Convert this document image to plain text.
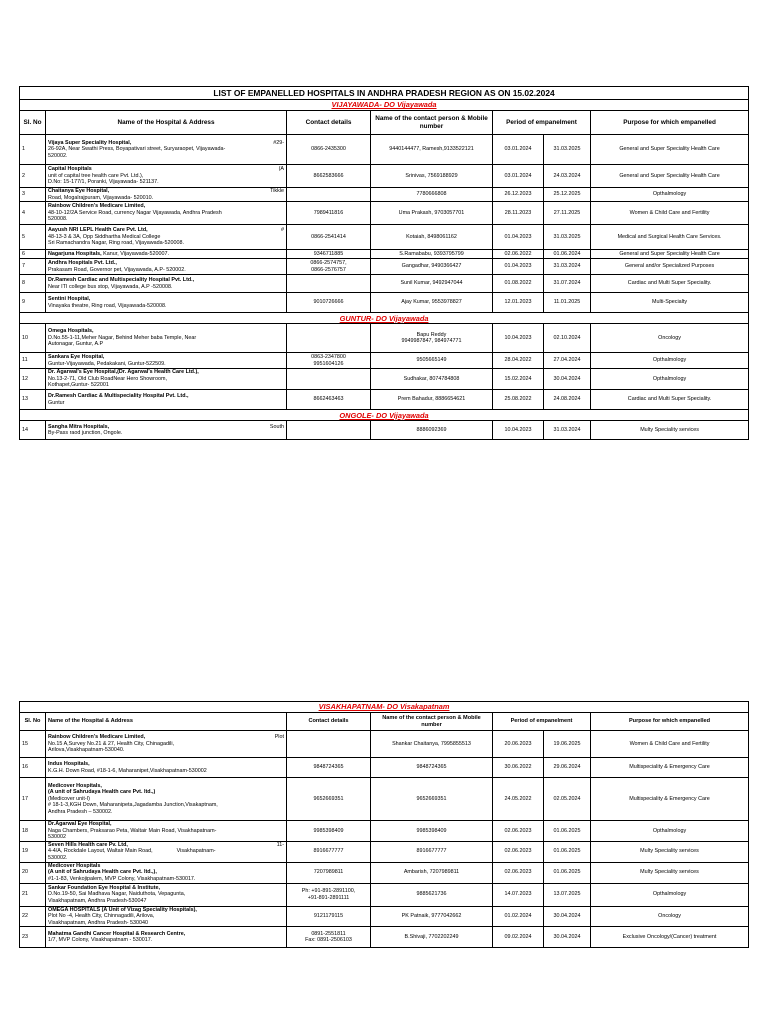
LIST OF EMPANELLED HOSPITALS IN ANDHRA PRADESH REGION AS ON 15.02.2024						
VIJAYAWADA- DO Vijayawada						
Sl. No	Name of the Hospital & Address	Contact details	Name of the contact person & Mobile number	Period of empanelment		Purpose for which empanelled
1	Vijaya Super Speciality Hospital, #29-
26-92A, Near Swathi Press, Boyapativari street, Suryaraopet, Vijayawada-
520002.	0866-2435300	9440144477, Ramesh,9133522121	03.01.2024	31.03.2025	General and Super Speciality Health Care
2	Capital Hospitals (A
unit of capital tree health care Pvt. Ltd.),
D.No: 15-177/1, Poranki, Vijayawada- 521137.	8662583666	Srinivas, 7569188929	03.01.2024	24.03.2024	General and Super Speciality Health Care
3	Chaitanya Eye Hospital, Tikkle
Road, Mogalrajpuram, Vijayawada- 520010.		7780666808	26.12.2023	25.12.2025	Opthalmology
4	Rainbow Children's Medicare Limited,
48-10-12/2A Service Road, currency Nagar Vijayawada, Andhra Pradesh
520008.	7989411816	Uma Prakash, 9703057701	28.11.2023	27.11.2025	Women & Child Care and Fertility
5	Aayush NRI LEPL Health Care Pvt. Ltd, #
48-13-3 & 3A, Opp Siddhartha Medical College
Sri Ramachandra Nagar, Ring road, Vijayawada-520008.	0866-2541414	Kotaiah, 8498061162	01.04.2023	31.03.2025	Medical and Surgical Health Care Services.
6	Nagarjuna Hospitals, Kanur, Vijayawada-520007.	9346711885	S.Ramababu, 9393795799	02.06.2022	01.06.2024	General and Super Speciality Health Care
7	Andhra Hospitals Pvt. Ltd.,
Prakasam Road, Governor pet, Vijayawada, A.P- 520002.	0866-2574757,
0866-2576757	Gangadhar, 9490366427	01.04.2023	31.03.2024	General and/or Specialized Purposes
8	Dr.Ramesh Cardiac and Multispeciality Hospital Pvt. Ltd.,
Near ITI college bus stop, Vijayawada, A.P -520008.		Sunil Kumar, 9492947044	01.08.2022	31.07.2024	Cardiac and Multi Super Speciality.
9	Sentini Hospital,
Vinayaka theatre, Ring road, Vijayawada-520008.	9010726666	Ajay Kumar, 9553978827	12.01.2023	11.01.2025	Multi-Specialty
GUNTUR- DO Vijayawada						
10	Omega Hospitals,
D.No.55-1-11,Meher Nagar, Behind Meher baba Temple, Near
Autonagar, Guntur, A.P		Bapu Reddy
9949987847, 984974771	10.04.2023	02.10.2024	Oncology
11	Sankara Eye Hospital,
Guntur-Vijayawada, Pedakakani, Guntur-522509.	0863-2347800
9951604126	9505665149	28.04.2022	27.04.2024	Opthalmology
12	Dr. Agarwal's Eye Hospital,(Dr. Agarwal's Health Care Ltd.),
No.13-2-71, Old Club RoadNear Hero Showroom,
Kothapet,Guntur- 522001		Sudhakar, 8074784808	15.02.2024	30.04.2024	Opthalmology
13	Dr.Ramesh Cardiac & Multispeciality Hospital Pvt. Ltd.,
Guntur	8662463463	Prem Bahadur, 8886654621	25.08.2022	24.08.2024	Cardiac and Multi Super Speciality.
ONGOLE- DO Vijayawada						
14	Sangha Mitra Hospitals, South
By-Pass raod junction, Ongole.		8886092369	10.04.2023	31.03.2024	Multy Speciality services
VISAKHAPATNAM- DO Visakapatnam						
Sl. No	Name of the Hospital & Address	Contact details	Name of the contact person & Mobile number	Period of empanelment		Purpose for which empanelled
15	Rainbow Children's Medicare Limited, Plot
No.15 A,Survey No.21 & 27, Health City, Chinagadili,
Arilova,Visakhapatnam-530040.		Shankar Chaitanya, 7995855513	20.06.2023	19.06.2025	Women & Child Care and Fertility
16	Indus Hospitals,
K.G.H. Down Road, #18-1-6, Maharanipet,Visakhapatnam-530002	9848724365	9848724365	30.06.2022	29.06.2024	Multispeciality & Emergency Care
17	Medicover Hospitals,
(A unit of Sahrudaya Health care Pvt. ltd.,)
(Medicover unit-I)
# 18-1-3,KGH Down, Maharanipeta,Jagadamba Junction,Visakaptnam,
Andhra Pradesh – 530002.	9652669351	9652669351	24.05.2022	02.05.2024	Multispeciality & Emergency Care
18	Dr.Agarwal Eye Hospital,
Naga Chambers, Praksarao Peta, Waltair Main Road, Visakhapatnam-
530002	9985398409	9985398409	02.06.2023	01.06.2025	Opthalmology
19	Seven Hills Health care Pv. Ltd, 11-
4-4/A, Rockdale Layout, Waltair Main Road,                Visakhapatnam-
530002.	8916677777	8916677777	02.06.2023	01.06.2025	Multy Speciality services
20	Medicover Hospitals
(A unit of Sahrudaya Health care Pvt. ltd.,),
#1-1-83, Venkojipalem, MVP Colony, Visakhapatnam-530017.	7207989811	Ambarish, 7207989811	02.06.2023	01.06.2025	Multy Speciality services
21	Sankar Foundation Eye Hospital & Institute,
D.No.19-50, Sai Madhava Nagar, Naiduthota, Vepagunta,
Visakhapatnam, Andhra Pradesh-530047	Ph: +91-891-2891100,
+91-891-2891111	9885621736	14.07.2023	13.07.2025	Opthalmology
22	OMEGA HOSPITALS (A Unit of Vizag Speciality Hospitals),
Plot No -4, Health City, Chinnagadili, Arilova,
Visakhapatnam, Andhra Pradesh- 530040	9121179115	PK Patnaik, 9777042662	01.02.2024	30.04.2024	Oncology
23	Mahatma Gandhi Cancer Hospital & Research Centre,
1/7, MVP Colony, Visakhapatnam - 530017.	0891-2551811
Fax: 0891-2506103	B.Shivaji, 7702202249	09.02.2024	30.04.2024	Exclusive Oncology/(Cancer) treatment
